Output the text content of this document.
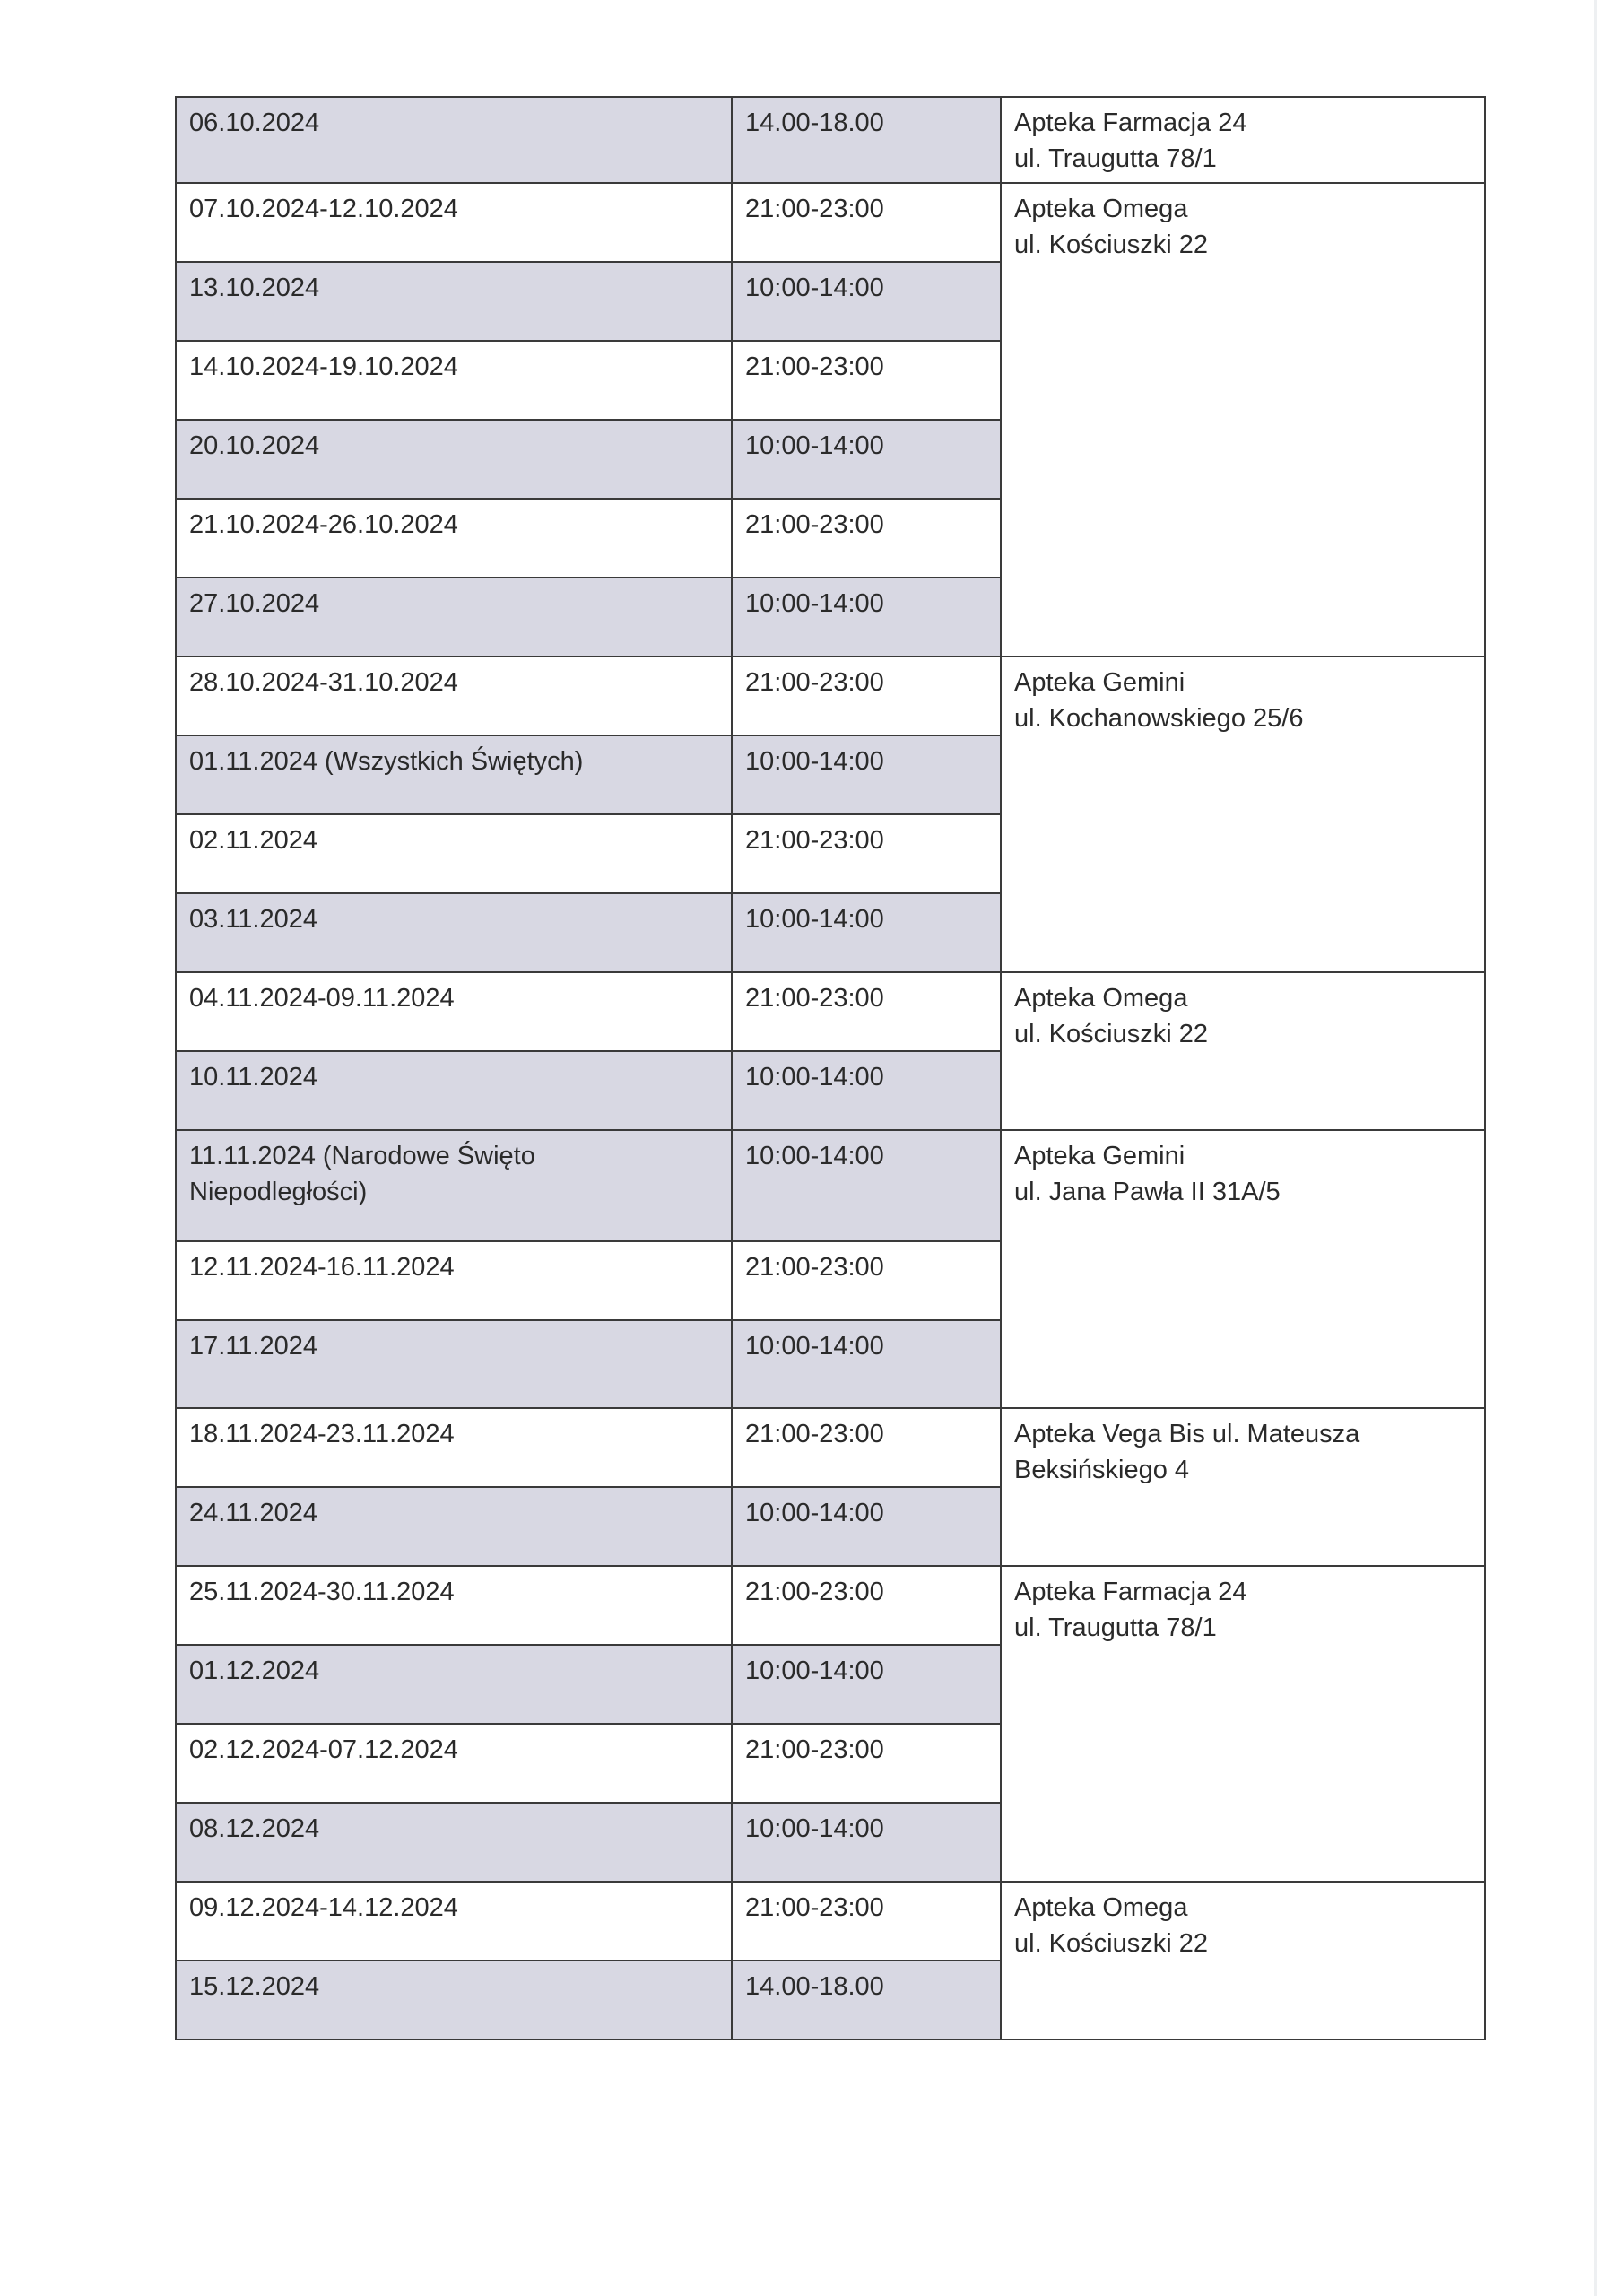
06.10.2024	14.00-18.00	Apteka Farmacja 24
ul. Traugutta 78/1

07.10.2024-12.10.2024	21:00-23:00	Apteka Omega
ul. Kościuszki 22

13.10.2024	10:00-14:00	
14.10.2024-19.10.2024	21:00-23:00	
20.10.2024	10:00-14:00	
21.10.2024-26.10.2024	21:00-23:00	
27.10.2024	10:00-14:00	
28.10.2024-31.10.2024	21:00-23:00	Apteka Gemini
ul. Kochanowskiego 25/6

01.11.2024 (Wszystkich Świętych)	10:00-14:00	
02.11.2024	21:00-23:00	
03.11.2024	10:00-14:00	
04.11.2024-09.11.2024	21:00-23:00	Apteka Omega
ul. Kościuszki 22

10.11.2024	10:00-14:00	
11.11.2024 (Narodowe Święto Niepodległości)	10:00-14:00	Apteka Gemini
ul. Jana Pawła II 31A/5

12.11.2024-16.11.2024	21:00-23:00	
17.11.2024	10:00-14:00	
18.11.2024-23.11.2024	21:00-23:00	Apteka Vega Bis ul. Mateusza
Beksińskiego 4

24.11.2024	10:00-14:00	
25.11.2024-30.11.2024	21:00-23:00	Apteka Farmacja 24
ul. Traugutta 78/1

01.12.2024	10:00-14:00	
02.12.2024-07.12.2024	21:00-23:00	
08.12.2024	10:00-14:00	
09.12.2024-14.12.2024	21:00-23:00	Apteka Omega
ul. Kościuszki 22

15.12.2024	14.00-18.00	
